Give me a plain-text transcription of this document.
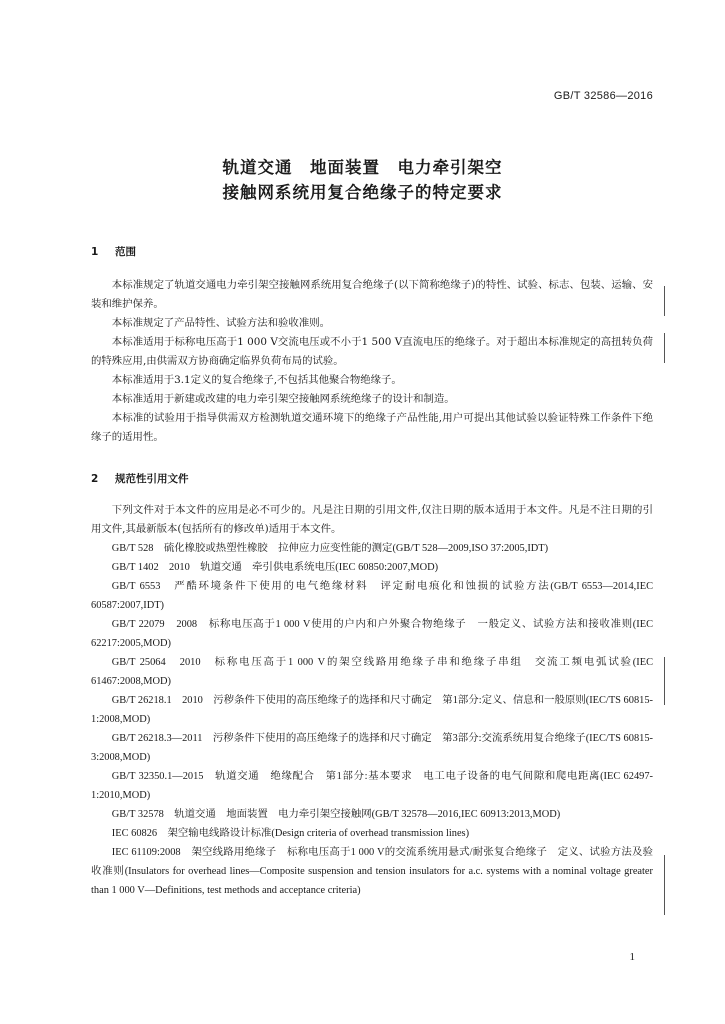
GB/T 32586—2016
轨道交通　地面装置　电力牵引架空
接触网系统用复合绝缘子的特定要求
1 范围

本标准规定了轨道交通电力牵引架空接触网系统用复合绝缘子(以下简称绝缘子)的特性、试验、标志、包装、运输、安装和维护保养。

本标准规定了产品特性、试验方法和验收准则。

本标准适用于标称电压高于1 000 V交流电压或不小于1 500 V直流电压的绝缘子。对于超出本标准规定的高扭转负荷的特殊应用,由供需双方协商确定临界负荷布局的试验。

本标准适用于3.1定义的复合绝缘子,不包括其他聚合物绝缘子。

本标准适用于新建或改建的电力牵引架空接触网系统绝缘子的设计和制造。

本标准的试验用于指导供需双方检测轨道交通环境下的绝缘子产品性能,用户可提出其他试验以验证特殊工作条件下绝缘子的适用性。

2 规范性引用文件

下列文件对于本文件的应用是必不可少的。凡是注日期的引用文件,仅注日期的版本适用于本文件。凡是不注日期的引用文件,其最新版本(包括所有的修改单)适用于本文件。

GB/T 528　硫化橡胶或热塑性橡胶　拉伸应力应变性能的测定(GB/T 528—2009,ISO 37:2005,IDT)

GB/T 1402　2010　轨道交通　牵引供电系统电压(IEC 60850:2007,MOD)

GB/T 6553　严酷环境条件下使用的电气绝缘材料　评定耐电痕化和蚀损的试验方法(GB/T 6553—2014,IEC 60587:2007,IDT)

GB/T 22079　2008　标称电压高于1 000 V使用的户内和户外聚合物绝缘子　一般定义、试验方法和接收准则(IEC 62217:2005,MOD)

GB/T 25064　2010　标称电压高于1 000 V的架空线路用绝缘子串和绝缘子串组　交流工频电弧试验(IEC 61467:2008,MOD)

GB/T 26218.1　2010　污秽条件下使用的高压绝缘子的选择和尺寸确定　第1部分:定义、信息和一般原则(IEC/TS 60815-1:2008,MOD)

GB/T 26218.3—2011　污秽条件下使用的高压绝缘子的选择和尺寸确定　第3部分:交流系统用复合绝缘子(IEC/TS 60815-3:2008,MOD)

GB/T 32350.1—2015　轨道交通　绝缘配合　第1部分:基本要求　电工电子设备的电气间隙和爬电距离(IEC 62497-1:2010,MOD)

GB/T 32578　轨道交通　地面装置　电力牵引架空接触网(GB/T 32578—2016,IEC 60913:2013,MOD)

IEC 60826　架空输电线路设计标准(Design criteria of overhead transmission lines)

IEC 61109:2008　架空线路用绝缘子　标称电压高于1 000 V的交流系统用悬式/耐张复合绝缘子　定义、试验方法及验收准则(Insulators for overhead lines—Composite suspension and tension insulators for a.c. systems with a nominal voltage greater than 1 000 V—Definitions, test methods and acceptance criteria)

1
